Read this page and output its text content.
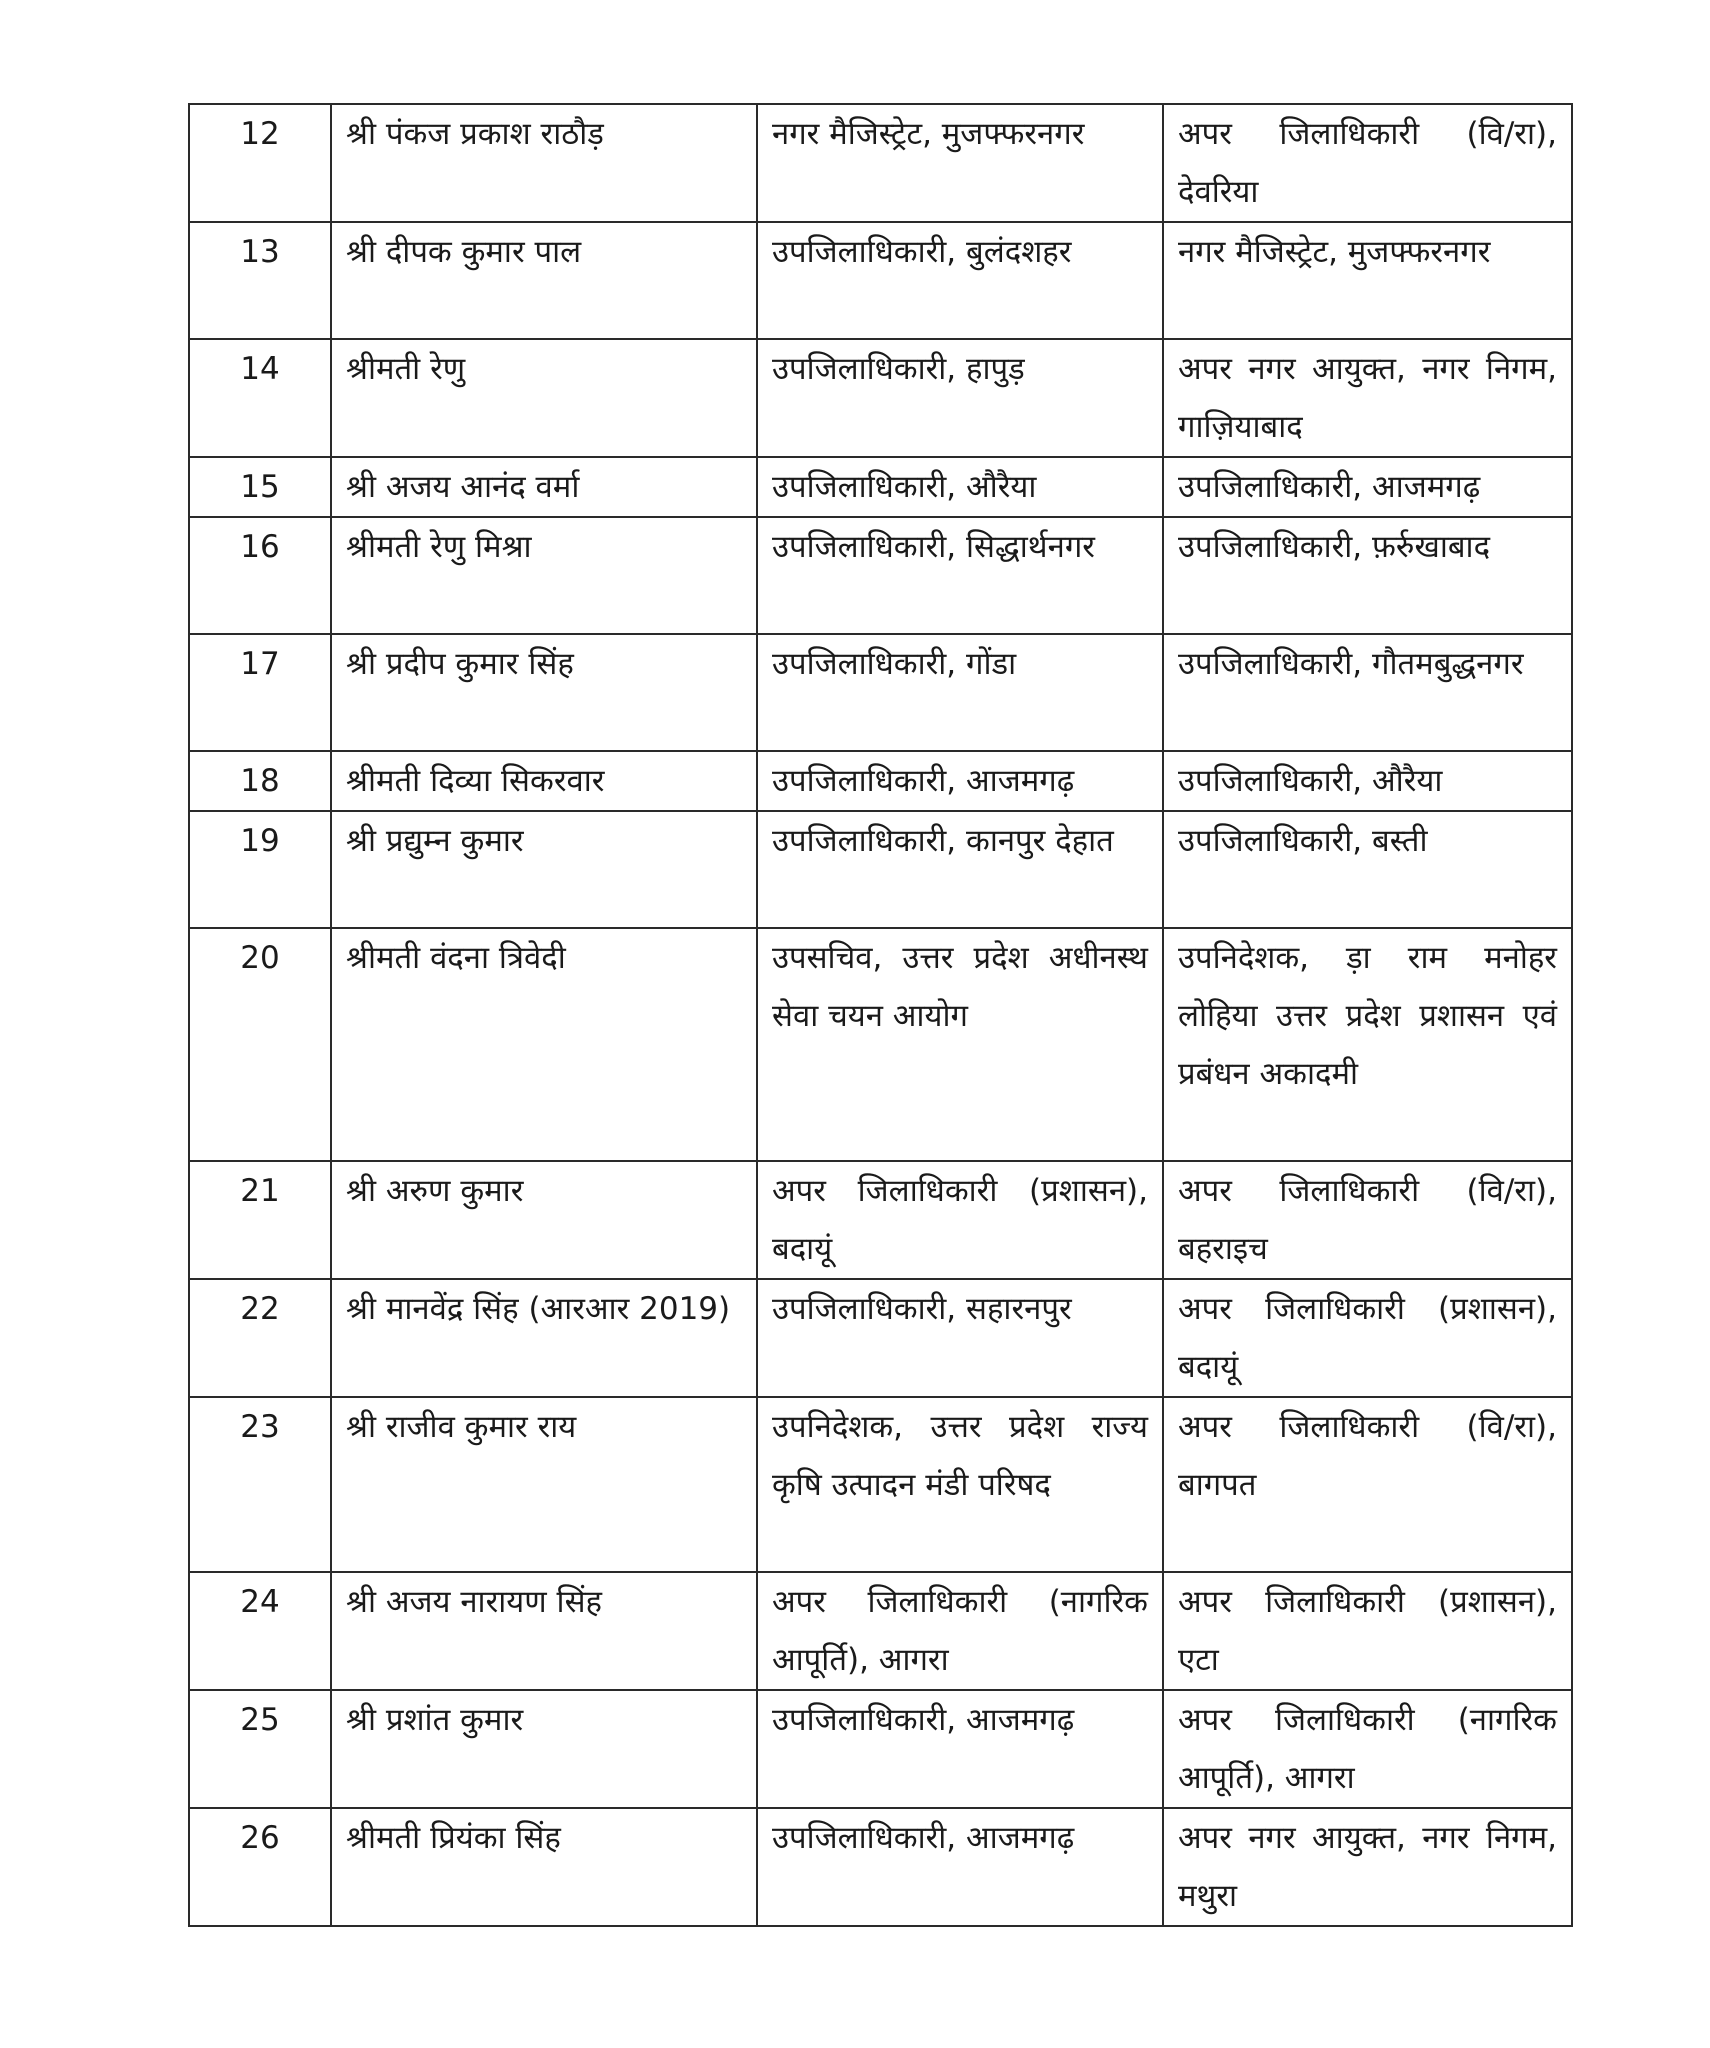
12	श्री पंकज प्रकाश राठौड़	नगर मैजिस्ट्रेट, मुजफ्फरनगर	अपर जिलाधिकारी (वि/रा), देवरिया
13	श्री दीपक कुमार पाल	उपजिलाधिकारी, बुलंदशहर	नगर मैजिस्ट्रेट, मुजफ्फरनगर
14	श्रीमती रेणु	उपजिलाधिकारी, हापुड़	अपर नगर आयुक्त, नगर निगम, गाज़ियाबाद
15	श्री अजय आनंद वर्मा	उपजिलाधिकारी, औरैया	उपजिलाधिकारी, आजमगढ़
16	श्रीमती रेणु मिश्रा	उपजिलाधिकारी, सिद्धार्थनगर	उपजिलाधिकारी, फ़र्रुखाबाद
17	श्री प्रदीप कुमार सिंह	उपजिलाधिकारी, गोंडा	उपजिलाधिकारी, गौतमबुद्धनगर
18	श्रीमती दिव्या सिकरवार	उपजिलाधिकारी, आजमगढ़	उपजिलाधिकारी, औरैया
19	श्री प्रद्युम्न कुमार	उपजिलाधिकारी, कानपुर देहात	उपजिलाधिकारी, बस्ती
20	श्रीमती वंदना त्रिवेदी	उपसचिव, उत्तर प्रदेश अधीनस्थ सेवा चयन आयोग	उपनिदेशक, ड़ा राम मनोहर लोहिया उत्तर प्रदेश प्रशासन एवं प्रबंधन अकादमी
21	श्री अरुण कुमार	अपर जिलाधिकारी (प्रशासन), बदायूं	अपर जिलाधिकारी (वि/रा), बहराइच
22	श्री मानवेंद्र सिंह (आरआर 2019)	उपजिलाधिकारी, सहारनपुर	अपर जिलाधिकारी (प्रशासन), बदायूं
23	श्री राजीव कुमार राय	उपनिदेशक, उत्तर प्रदेश राज्य कृषि उत्पादन मंडी परिषद	अपर जिलाधिकारी (वि/रा), बागपत
24	श्री अजय नारायण सिंह	अपर जिलाधिकारी (नागरिक आपूर्ति), आगरा	अपर जिलाधिकारी (प्रशासन), एटा
25	श्री प्रशांत कुमार	उपजिलाधिकारी, आजमगढ़	अपर जिलाधिकारी (नागरिक आपूर्ति), आगरा
26	श्रीमती प्रियंका सिंह	उपजिलाधिकारी, आजमगढ़	अपर नगर आयुक्त, नगर निगम, मथुरा
